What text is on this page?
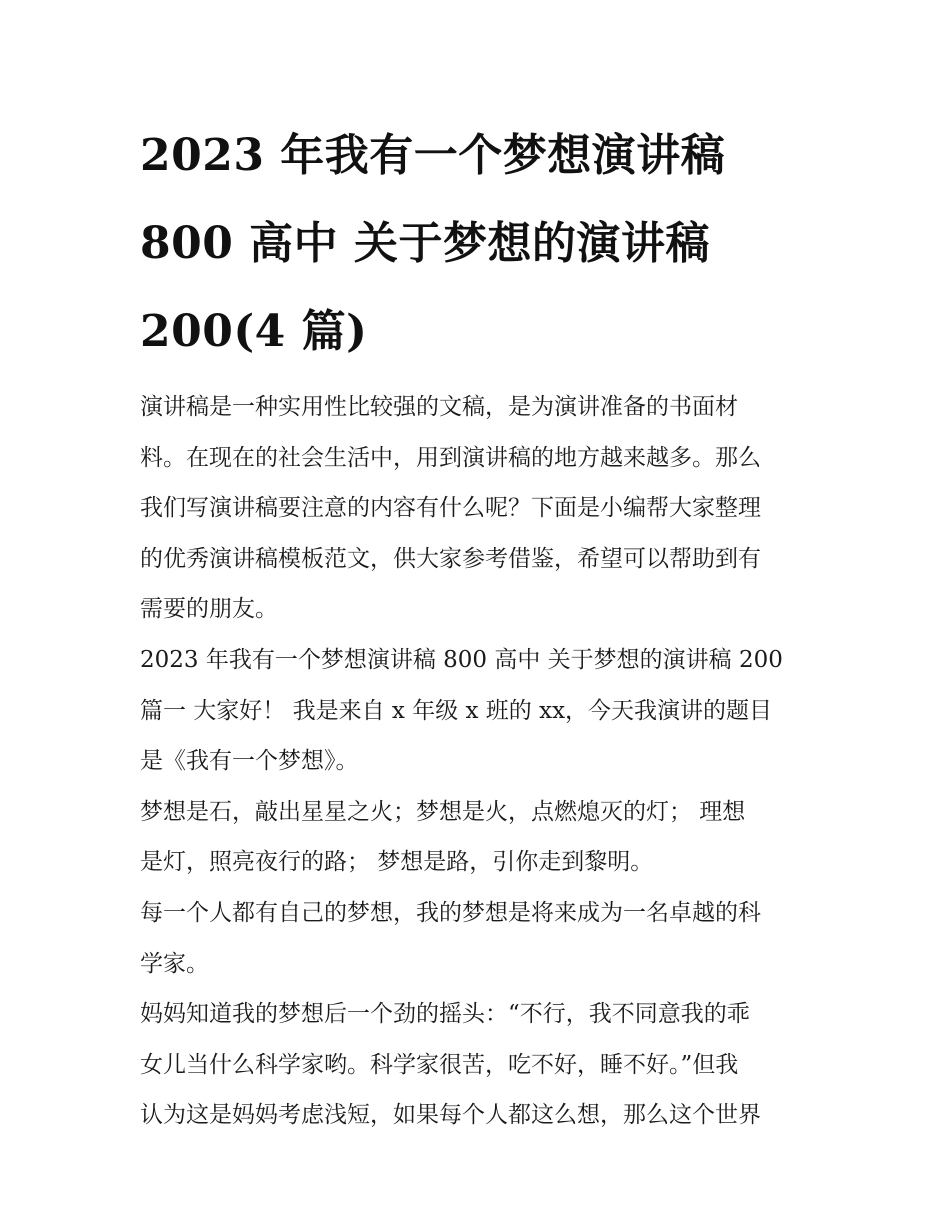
2023 年我有一个梦想演讲稿
800 高中 关于梦想的演讲稿
200(4 篇)

演讲稿是一种实用性比较强的文稿，是为演讲准备的书面材
料。在现在的社会生活中，用到演讲稿的地方越来越多。那么
我们写演讲稿要注意的内容有什么呢？下面是小编帮大家整理
的优秀演讲稿模板范文，供大家参考借鉴，希望可以帮助到有
需要的朋友。

2023 年我有一个梦想演讲稿 800 高中 关于梦想的演讲稿 200
篇一 大家好！ 我是来自 x 年级 x 班的 xx，今天我演讲的题目
是《我有一个梦想》。

梦想是石，敲出星星之火；梦想是火，点燃熄灭的灯； 理想
是灯，照亮夜行的路； 梦想是路，引你走到黎明。

每一个人都有自己的梦想，我的梦想是将来成为一名卓越的科
学家。

妈妈知道我的梦想后一个劲的摇头：“不行，我不同意我的乖
女儿当什么科学家哟。科学家很苦，吃不好，睡不好。”但我
认为这是妈妈考虑浅短，如果每个人都这么想，那么这个世界
